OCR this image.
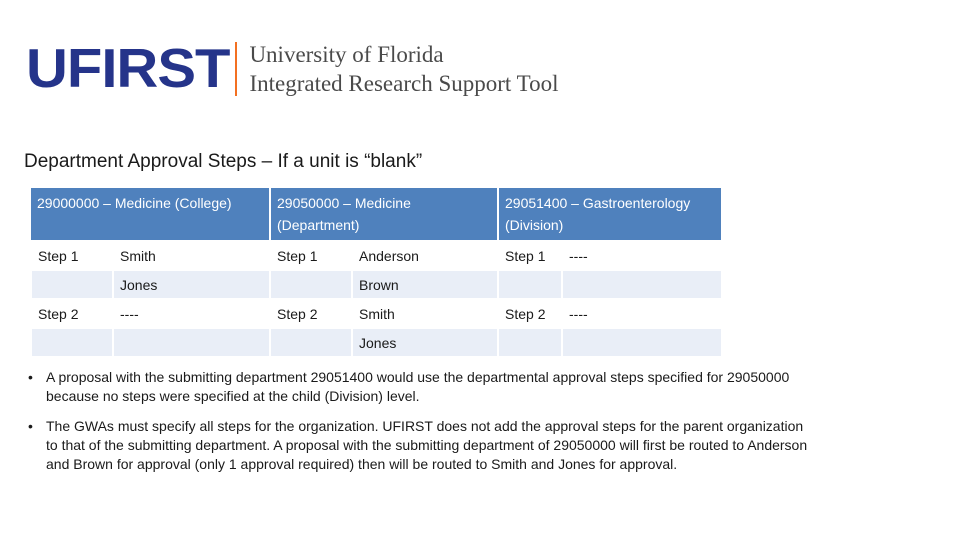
UFIRST University of Florida
Integrated Research Support Tool
Department Approval Steps – If a unit is “blank”
29000000 – Medicine (College)		29050000 – Medicine (Department)		29051400 – Gastroenterology (Division)	
Step 1	Smith	Step 1	Anderson	Step 1	----
	Jones		Brown		
Step 2	----	Step 2	Smith	Step 2	----
			Jones		
• A proposal with the submitting department 29051400 would use the departmental approval steps specified for 29050000 because no steps were specified at the child (Division) level.
• The GWAs must specify all steps for the organization. UFIRST does not add the approval steps for the parent organization to that of the submitting department. A proposal with the submitting department of 29050000 will first be routed to Anderson and Brown for approval (only 1 approval required) then will be routed to Smith and Jones for approval.
